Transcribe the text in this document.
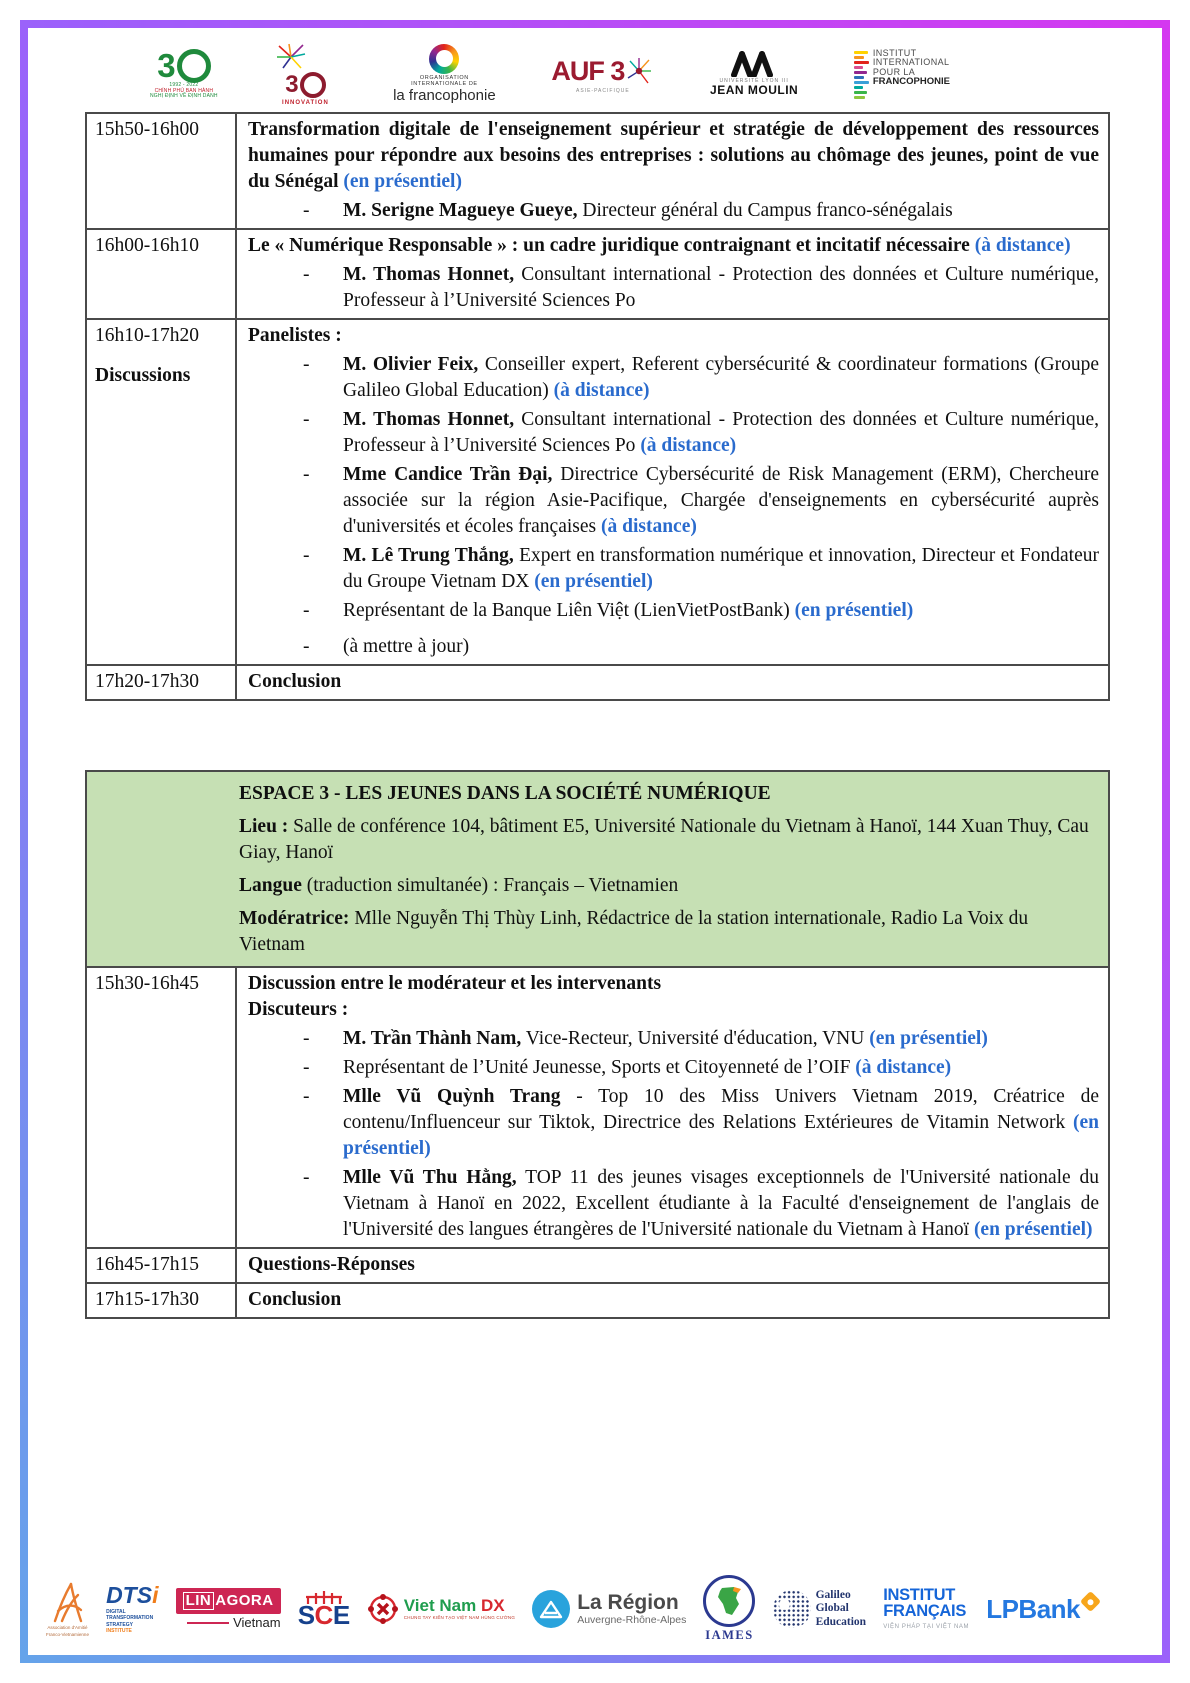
3
1992 - 2022
CHÍNH PHỦ BAN HÀNH
NGHỊ ĐỊNH VỀ ĐỊNH DANH	3
INNOVATION
ORGANISATION
INTERNATIONALE DE
la francophonie
AUF 3
ASIE-PACIFIQUE
UNIVERSITÉ LYON III
JEAN MOULIN
INSTITUT
INTERNATIONAL
POUR LA
FRANCOPHONIE
15h50-16h00	Transformation digitale de l'enseignement supérieur et stratégie de développement des ressources humaines pour répondre aux besoins des entreprises : solutions au chômage des jeunes, point de vue du Sénégal (en présentiel)
- M. Serigne Magueye Gueye, Directeur général du Campus franco-sénégalais
16h00-16h10	Le « Numérique Responsable » : un cadre juridique contraignant et incitatif nécessaire (à distance)
- M. Thomas Honnet, Consultant international - Protection des données et Culture numérique, Professeur à l’Université Sciences Po
16h10-17h20
Discussions
Panelistes :
- M. Olivier Feix, Conseiller expert, Referent cybersécurité & coordinateur formations (Groupe Galileo Global Education) (à distance)
- M. Thomas Honnet, Consultant international - Protection des données et Culture numérique, Professeur à l’Université Sciences Po (à distance)
- Mme Candice Trần Đại, Directrice Cybersécurité de Risk Management (ERM), Chercheure associée sur la région Asie-Pacifique, Chargée d'enseignements en cybersécurité auprès d'universités et écoles françaises (à distance)
- M. Lê Trung Thắng, Expert en transformation numérique et innovation, Directeur et Fondateur du Groupe Vietnam DX (en présentiel)
- Représentant de la Banque Liên Việt (LienVietPostBank) (en présentiel)
- (à mettre à jour)
17h20-17h30	Conclusion

ESPACE 3 - LES JEUNES DANS LA SOCIÉTÉ NUMÉRIQUE

Lieu : Salle de conférence 104, bâtiment E5, Université Nationale du Vietnam à Hanoï, 144 Xuan Thuy, Cau Giay, Hanoï

Langue (traduction simultanée) : Français – Vietnamien

Modératrice: Mlle Nguyễn Thị Thùy Linh, Rédactrice de la station internationale, Radio La Voix du Vietnam

15h30-16h45	Discussion entre le modérateur et les intervenants
Discuteurs :
- M. Trần Thành Nam, Vice-Recteur, Université d'éducation, VNU (en présentiel)
- Représentant de l’Unité Jeunesse, Sports et Citoyenneté de l’OIF (à distance)
- Mlle Vũ Quỳnh Trang - Top 10 des Miss Univers Vietnam 2019, Créatrice de contenu/Influenceur sur Tiktok, Directrice des Relations Extérieures de Vitamin Network (en présentiel)
- Mlle Vũ Thu Hằng, TOP 11 des jeunes visages exceptionnels de l'Université nationale du Vietnam à Hanoï en 2022, Excellent étudiante à la Faculté d'enseignement de l'anglais de l'Université des langues étrangères de l'Université nationale du Vietnam à Hanoï (en présentiel)
16h45-17h15	Questions-Réponses
17h15-17h30	Conclusion
Association d'Amitié
Franco-Vietnamienne
DTSi
DIGITAL
TRANSFORMATION
STRATEGY
INSTITUTE
LIN AGORA
Vietnam SCE	Viet Nam DX
CHUNG TAY KIẾN TẠO VIỆT NAM HÙNG CƯỜNG
La Région
Auvergne-Rhône-Alpes
IAMES
Galileo
Global
Education
INSTITUT
FRANÇAIS
VIỆN PHÁP TẠI VIỆT NAM
LPBank
